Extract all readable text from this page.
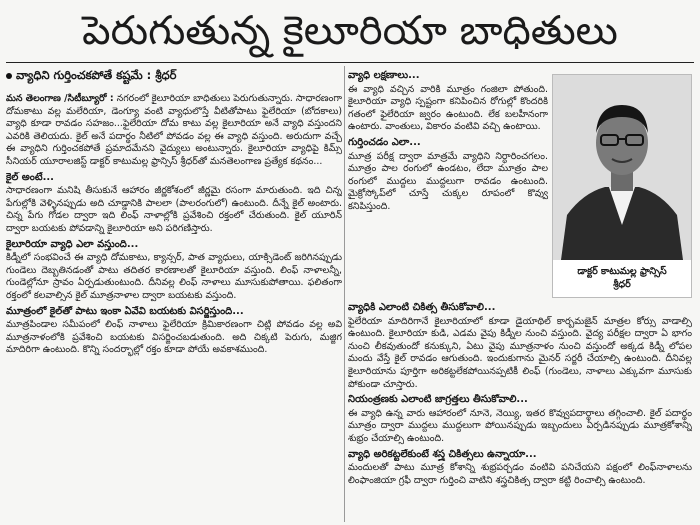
పెరుగుతున్న కైలూరియా బాధితులు
వ్యాధిని గుర్తించకపోతే కష్టమే : శ్రీధర్

మన తెలంగాణ /సిటీబ్యూరో : నగరంలో కైలూరియా బాధితులు పెరుగుతున్నారు. సాధారణంగా దోమకాటు వల్ల మలేరియా, డెంగ్యూ వంటి వ్యాధులొస్తే వీటితోపాటు ఫైలేరియా (బోదకాలు) వ్యాధి కూడా రావడం సహజం...ఫైలేరియా దోమ కాటు వల్ల కైలూరియా అనే వ్యాధి వస్తుందని ఎవరికి తెలియదు. కైల్ అనే పదార్థం నీటిలో పోవడం వల్ల ఈ వ్యాధి వస్తుంది. అరుదుగా వచ్చే ఈ వ్యాధిని గుర్తించకపోతే ప్రమాదమేనని వైద్యులు అంటున్నారు. కైలూరియా వ్యాధిపై కిమ్స్ సీనియర్ యూరాలజిస్ట్ డాక్టర్ కాటుమల్ల ఫ్రాన్సిస్ శ్రీధర్‌తో మనతెలంగాణ ప్రత్యేక కథనం...

కైల్ అంటే...

సాధారణంగా మనిషి తీసుకునే ఆహారం జీర్ణకోశంలో జీర్ణమై రసంగా మారుతుంది. ఇది చిన్న పేగుల్లోకి వెళ్ళినప్పుడు అది చూడ్డానికి పాలలా (పాలరంగులో) ఉంటుంది. దీన్నే కైల్ అంటారు. చిన్న పేగు గోడల ద్వారా ఇది లింఫ్ నాళాల్లోకి ప్రవేశించి రక్తంలో చేరుతుంది. కైల్ యూరిన్ ద్వారా బయటకు పోవడాన్ని కైలూరియా అని పరిగణిస్తారు.

కైలూరియా వ్యాధి ఎలా వస్తుంది...

కిడ్నీలో సంభవించే ఈ వ్యాధి దోమకాటు, క్యాన్సర్, పాత వ్యాధులు, యాక్సిడెంట్ జరిగినప్పుడు గుండెలు దెబ్బతినడంతో పాటు తదితర కారణాలతో కైలూరియా వస్తుంది. లింఫ్ నాళాలన్నీ, గుండెల్లోనూ స్రావం ఏర్పడుతుంటుంది. దీనివల్ల లింఫ్ నాళాలు మూసుకుపోతాయి. ఫలితంగా రక్తంలో కలవాల్సిన కైల్ మూత్రనాళాల ద్వారా బయటకు వస్తుంది.

మూత్రంలో కైల్‌తో పాటు ఇంకా ఏవేవి బయటకు విసర్జిస్తుంది...

మూత్రపిండాల సమీపంలో లింఫ్ నాళాలు ఫైలేరియా క్రిమికారణంగా చిట్లి పోవడం వల్ల అవి మూత్రనాళంలోకి ప్రవేశించి బయటకు విసర్జించబడుతుంది. అది చిక్కటి పెరుగు, మజ్జిగ మాదిరిగా ఉంటుంది. కొన్ని సందర్భాల్లో రక్తం కూడా పోయే అవకాశముంది.

వ్యాధి లక్షణాలు...

ఈ వ్యాధి వచ్చిన వారికి మూత్రం గంజిలా పోతుంది. కైలూరియా వ్యాధి స్పష్టంగా కనిపించిన రోగుల్లో కొందరికి గతంలో ఫైలేరియా జ్వరం ఉంటుంది. లేక బలహీనంగా ఉంటారు. వాంతులు, వికారం వంటివి వచ్చి ఉంటాయి.

గుర్తించడం ఎలా...

మూత్ర పరీక్ష ద్వారా మాత్రమే వ్యాధిని నిర్ధారించగలం. మూత్రం పాల రంగులో ఉండటం, లేదా మూత్రం పాల రంగులో ముద్దలు ముద్దలుగా రావడం ఉంటుంది. మైక్రోస్కోప్‌లో చూస్తే చుక్కల రూపంలో కొవ్వు కనిపిస్తుంది.

డాక్టర్ కాటుమల్ల ఫ్రాన్సిస్
శ్రీధర్
వ్యాధికి ఎలాంటి చికిత్స తీసుకోవాలి...

ఫైలేరియా మాదిరిగానే కైలూరియాలో కూడా డైయాథిల్ కార్బమజైన్ మాత్రల కోర్సు వాడాల్సి ఉంటుంది. కైలూరియా కుడి, ఎడమ వైపు కిడ్నీల నుంచి వస్తుంది. వైద్య పరీక్షల ద్వారా ఏ భాగం నుంచి లీకవుతుందో కనుక్కుని, ఏటు వైపు మూత్రనాళం నుంచి వస్తుందో అక్కడ కిడ్నీ లోపల మందు వేస్తే కైల్ రావడం ఆగుతుంది. ఇందుకుగాను మైనర్ సర్జరీ చేయాల్సి ఉంటుంది. దీనివల్ల కైలూరియాను పూర్తిగా అరికట్టలేకపోయినప్పటికీ లింఫ్ (గుండెలు, నాళాలు ఎక్కువగా మూసుకు పోకుండా చూస్తారు.

నియంత్రణకు ఎలాంటి జాగ్రత్తలు తీసుకోవాలి...

ఈ వ్యాధి ఉన్న వారు ఆహారంలో నూనె, నెయ్యి, ఇతర కొవ్వుపదార్థాలు తగ్గించాలి. కైల్ పదార్థం మూత్రం ద్వారా ముద్దలు ముద్దలుగా పోయినప్పుడు ఇబ్బందులు ఏర్పడినప్పుడు మూత్రకోశాన్ని శుభ్రం చేయాల్సి ఉంటుంది.

వ్యాధి అరికట్టలేకుంటే శస్త్ర చికిత్సలు ఉన్నాయా...

మందులతో పాటు మూత్ర కోశాన్ని శుభ్రపర్చడం వంటివి పనిచేయని పక్షంలో లింఫ్‌నాళాలను లింఫాంజియా గ్రఫీ ద్వారా గుర్తించి వాటిని శస్త్రచికిత్స ద్వారా కట్టి రించాల్సి ఉంటుంది.
